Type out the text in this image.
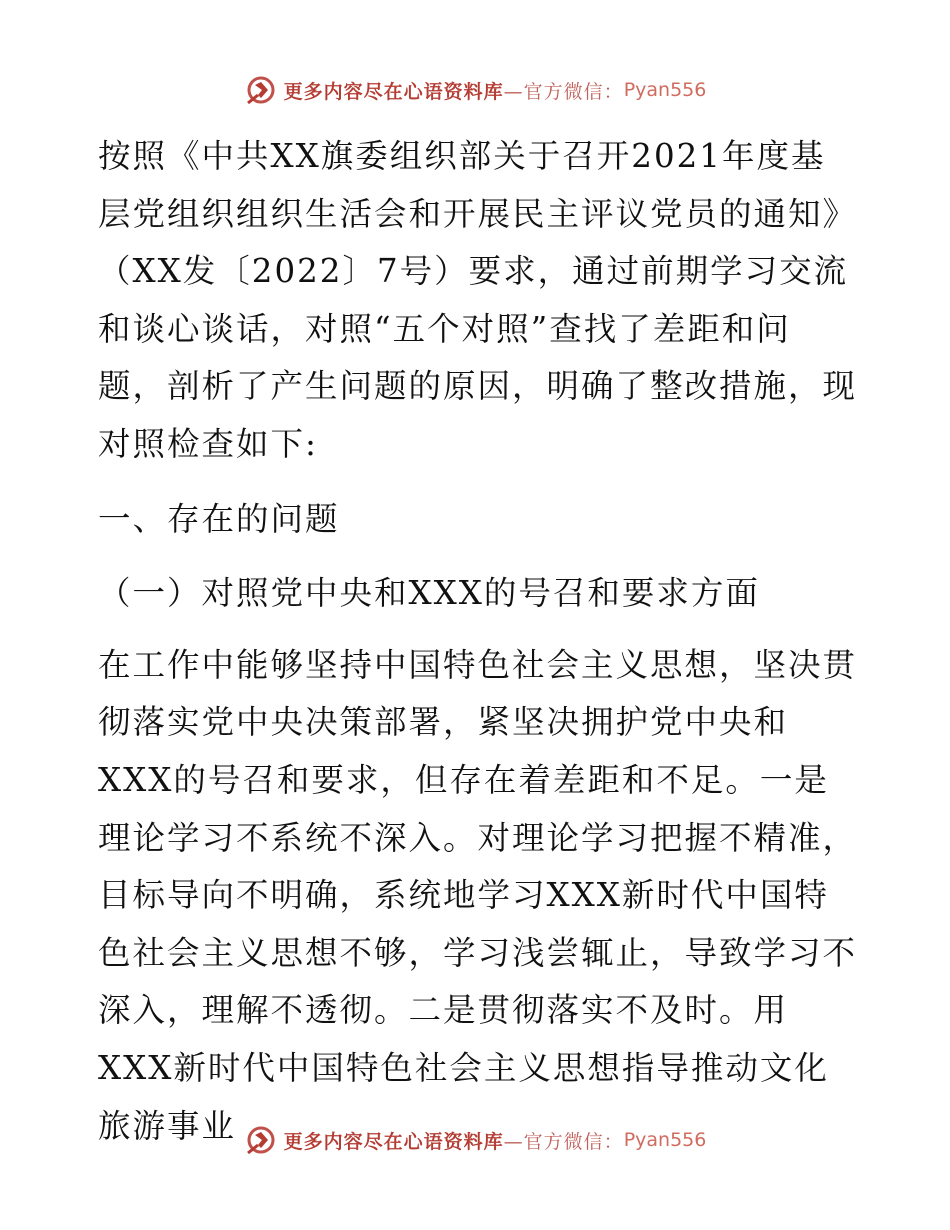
更多内容尽在心语资料库 —官方微信： Pyan556

按照《中共XX旗委组织部关于召开2021年度基层党组织组织生活会和开展民主评议党员的通知》（XX发〔2022〕7号）要求，通过前期学习交流和谈心谈话，对照“五个对照”查找了差距和问题，剖析了产生问题的原因，明确了整改措施，现对照检查如下:

一、存在的问题

（一）对照党中央和XXX的号召和要求方面

在工作中能够坚持中国特色社会主义思想，坚决贯彻落实党中央决策部署，紧坚决拥护党中央和XXX的号召和要求，但存在着差距和不足。一是理论学习不系统不深入。对理论学习把握不精准，目标导向不明确，系统地学习XXX新时代中国特色社会主义思想不够，学习浅尝辄止，导致学习不深入，理解不透彻。二是贯彻落实不及时。用XXX新时代中国特色社会主义思想指导推动文化旅游事业	更多内容尽在心语资料库 —官方微信： Pyan556
